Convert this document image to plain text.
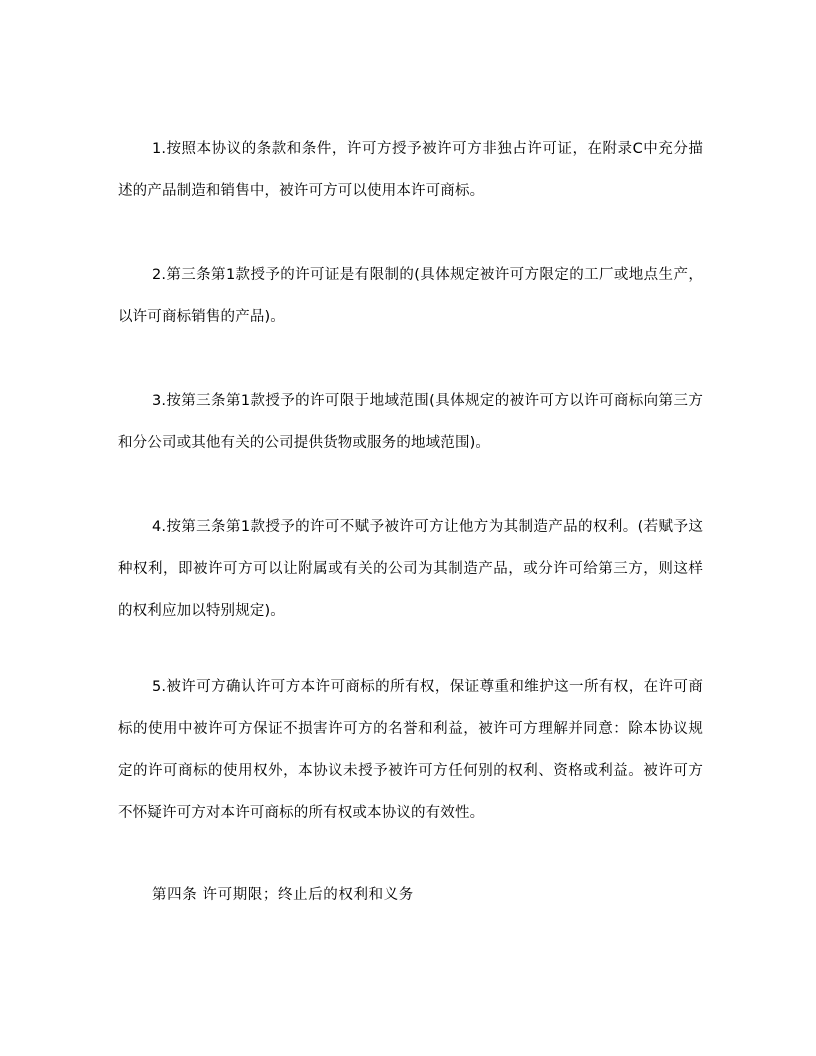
1.按照本协议的条款和条件，许可方授予被许可方非独占许可证，在附录C中充分描述的产品制造和销售中，被许可方可以使用本许可商标。

2.第三条第1款授予的许可证是有限制的(具体规定被许可方限定的工厂或地点生产，以许可商标销售的产品)。

3.按第三条第1款授予的许可限于地域范围(具体规定的被许可方以许可商标向第三方和分公司或其他有关的公司提供货物或服务的地域范围)。

4.按第三条第1款授予的许可不赋予被许可方让他方为其制造产品的权利。(若赋予这种权利，即被许可方可以让附属或有关的公司为其制造产品，或分许可给第三方，则这样的权利应加以特别规定)。

5.被许可方确认许可方本许可商标的所有权，保证尊重和维护这一所有权，在许可商标的使用中被许可方保证不损害许可方的名誉和利益，被许可方理解并同意：除本协议规定的许可商标的使用权外，本协议未授予被许可方任何别的权利、资格或利益。被许可方不怀疑许可方对本许可商标的所有权或本协议的有效性。

第四条 许可期限；终止后的权利和义务
